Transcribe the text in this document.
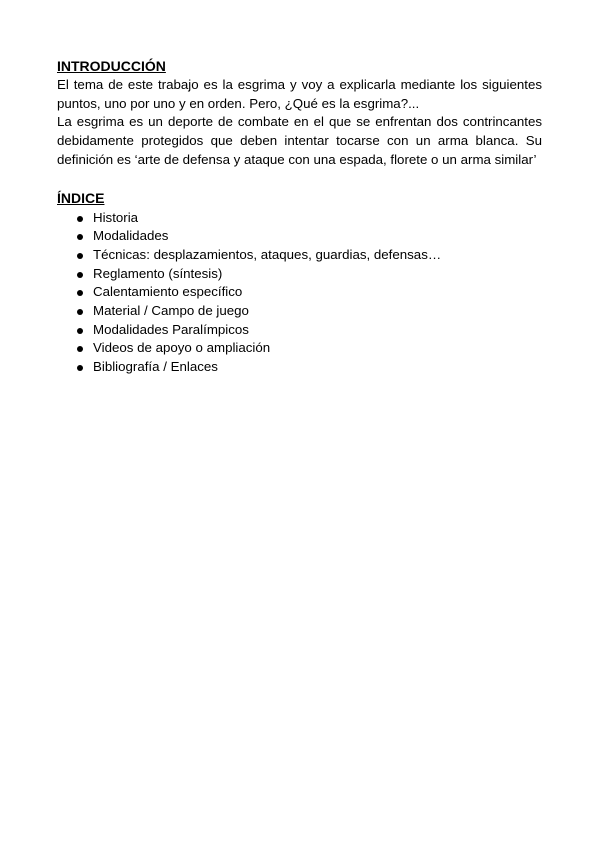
INTRODUCCIÓN

El tema de este trabajo es la esgrima y voy a explicarla mediante los siguientes puntos, uno por uno y en orden. Pero, ¿Qué es la esgrima?...

La esgrima es un deporte de combate en el que se enfrentan dos contrincantes debidamente protegidos que deben intentar tocarse con un arma blanca. Su definición es ‘arte de defensa y ataque con una espada, florete o un arma similar’

ÍNDICE

Historia
Modalidades
Técnicas: desplazamientos, ataques, guardias, defensas…
Reglamento (síntesis)
Calentamiento específico
Material / Campo de juego
Modalidades Paralímpicos
Videos de apoyo o ampliación
Bibliografía / Enlaces
